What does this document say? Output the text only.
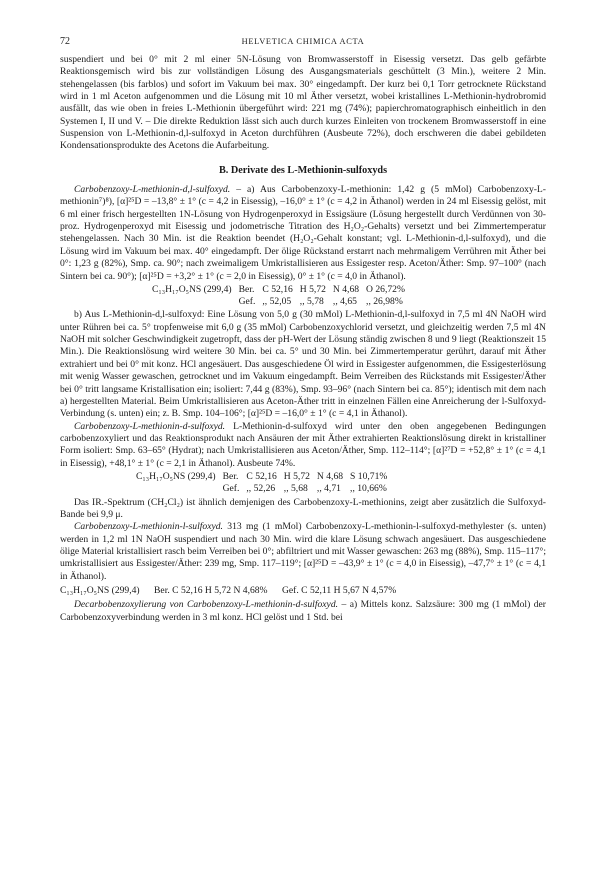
72	HELVETICA CHIMICA ACTA

suspendiert und bei 0° mit 2 ml einer 5N-Lösung von Bromwasserstoff in Eisessig versetzt. Das gelb gefärbte Reaktionsgemisch wird bis zur vollständigen Lösung des Ausgangsmaterials geschüttelt (3 Min.), weitere 2 Min. stehengelassen (bis farblos) und sofort im Vakuum bei max. 30° eingedampft. Der kurz bei 0,1 Torr getrocknete Rückstand wird in 1 ml Aceton aufgenommen und die Lösung mit 10 ml Äther versetzt, wobei kristallines L-Methionin-hydrobromid ausfällt, das wie oben in freies L-Methionin übergeführt wird: 221 mg (74%); papierchromatographisch einheitlich in den Systemen I, II und V. – Die direkte Reduktion lässt sich auch durch kurzes Einleiten von trockenem Bromwasserstoff in eine Suspension von L-Methionin-d,l-sulfoxyd in Aceton durchführen (Ausbeute 72%), doch erschweren die dabei gebildeten Kondensationsprodukte des Acetons die Aufarbeitung.

B. Derivate des L-Methionin-sulfoxyds

Carbobenzoxy-L-methionin-d,l-sulfoxyd. – a) Aus Carbobenzoxy-L-methionin: 1,42 g (5 mMol) Carbobenzoxy-L-methionin⁷)⁸), [α]²⁵D = –13,8° ± 1° (c = 4,2 in Eisessig), –16,0° ± 1° (c = 4,2 in Äthanol) werden in 24 ml Eisessig gelöst, mit 6 ml einer frisch hergestellten 1N-Lösung von Hydrogenperoxyd in Essigsäure (Lösung hergestellt durch Verdünnen von 30-proz. Hydrogenperoxyd mit Eisessig und jodometrische Titration des H₂O₂-Gehalts) versetzt und bei Zimmertemperatur stehengelassen. Nach 30 Min. ist die Reaktion beendet (H₂O₂-Gehalt konstant; vgl. L-Methionin-d,l-sulfoxyd), und die Lösung wird im Vakuum bei max. 40° eingedampft. Der ölige Rückstand erstarrt nach mehrmaligem Verrühren mit Äther bei 0°: 1,23 g (82%), Smp. ca. 90°; nach zweimaligem Umkristallisieren aus Essigester resp. Aceton/Äther: Smp. 97–100° (nach Sintern bei ca. 90°); [α]²⁵D = +3,2° ± 1° (c = 2,0 in Eisessig), 0° ± 1° (c = 4,0 in Äthanol).

C₁₃H₁₇O₅NS (299,4)	Ber.	C 52,16	H 5,72	N 4,68	O 26,72%
	Gef.	,, 52,05	,, 5,78	,, 4,65	,, 26,98%

b) Aus L-Methionin-d,l-sulfoxyd: Eine Lösung von 5,0 g (30 mMol) L-Methionin-d,l-sulfoxyd in 7,5 ml 4N NaOH wird unter Rühren bei ca. 5° tropfenweise mit 6,0 g (35 mMol) Carbobenzoxychlorid versetzt, und gleichzeitig werden 7,5 ml 4N NaOH mit solcher Geschwindigkeit zugetropft, dass der pH-Wert der Lösung ständig zwischen 8 und 9 liegt (Reaktionszeit 15 Min.). Die Reaktionslösung wird weitere 30 Min. bei ca. 5° und 30 Min. bei Zimmertemperatur gerührt, darauf mit Äther extrahiert und bei 0° mit konz. HCl angesäuert. Das ausgeschiedene Öl wird in Essigester aufgenommen, die Essigesterlösung mit wenig Wasser gewaschen, getrocknet und im Vakuum eingedampft. Beim Verreiben des Rückstands mit Essigester/Äther bei 0° tritt langsame Kristallisation ein; isoliert: 7,44 g (83%), Smp. 93–96° (nach Sintern bei ca. 85°); identisch mit dem nach a) hergestellten Material. Beim Umkristallisieren aus Aceton-Äther tritt in einzelnen Fällen eine Anreicherung der l-Sulfoxyd-Verbindung (s. unten) ein; z. B. Smp. 104–106°; [α]²⁵D = –16,0° ± 1° (c = 4,1 in Äthanol).

Carbobenzoxy-L-methionin-d-sulfoxyd. L-Methionin-d-sulfoxyd wird unter den oben angegebenen Bedingungen carbobenzoxyliert und das Reaktionsprodukt nach Ansäuren der mit Äther extrahierten Reaktionslösung direkt in kristalliner Form isoliert: Smp. 63–65° (Hydrat); nach Umkristallisieren aus Aceton/Äther, Smp. 112–114°; [α]²⁷D = +52,8° ± 1° (c = 4,1 in Eisessig), +48,1° ± 1° (c = 2,1 in Äthanol). Ausbeute 74%.

C₁₃H₁₇O₅NS (299,4)	Ber.	C 52,16	H 5,72	N 4,68	S 10,71%
	Gef.	,, 52,26	,, 5,68	,, 4,71	,, 10,66%

Das IR.-Spektrum (CH₂Cl₂) ist ähnlich demjenigen des Carbobenzoxy-L-methionins, zeigt aber zusätzlich die Sulfoxyd-Bande bei 9,9 μ.

Carbobenzoxy-L-methionin-l-sulfoxyd. 313 mg (1 mMol) Carbobenzoxy-L-methionin-l-sulfoxyd-methylester (s. unten) werden in 1,2 ml 1N NaOH suspendiert und nach 30 Min. wird die klare Lösung schwach angesäuert. Das ausgeschiedene ölige Material kristallisiert rasch beim Verreiben bei 0°; abfiltriert und mit Wasser gewaschen: 263 mg (88%), Smp. 115–117°; umkristallisiert aus Essigester/Äther: 239 mg, Smp. 117–119°; [α]²⁵D = –43,9° ± 1° (c = 4,0 in Eisessig), –47,7° ± 1° (c = 4,1 in Äthanol).

C₁₃H₁₇O₅NS (299,4) Ber. C 52,16 H 5,72 N 4,68% Gef. C 52,11 H 5,67 N 4,57%

Decarbobenzoxylierung von Carbobenzoxy-L-methionin-d-sulfoxyd. – a) Mittels konz. Salzsäure: 300 mg (1 mMol) der Carbobenzoxyverbindung werden in 3 ml konz. HCl gelöst und 1 Std. bei
